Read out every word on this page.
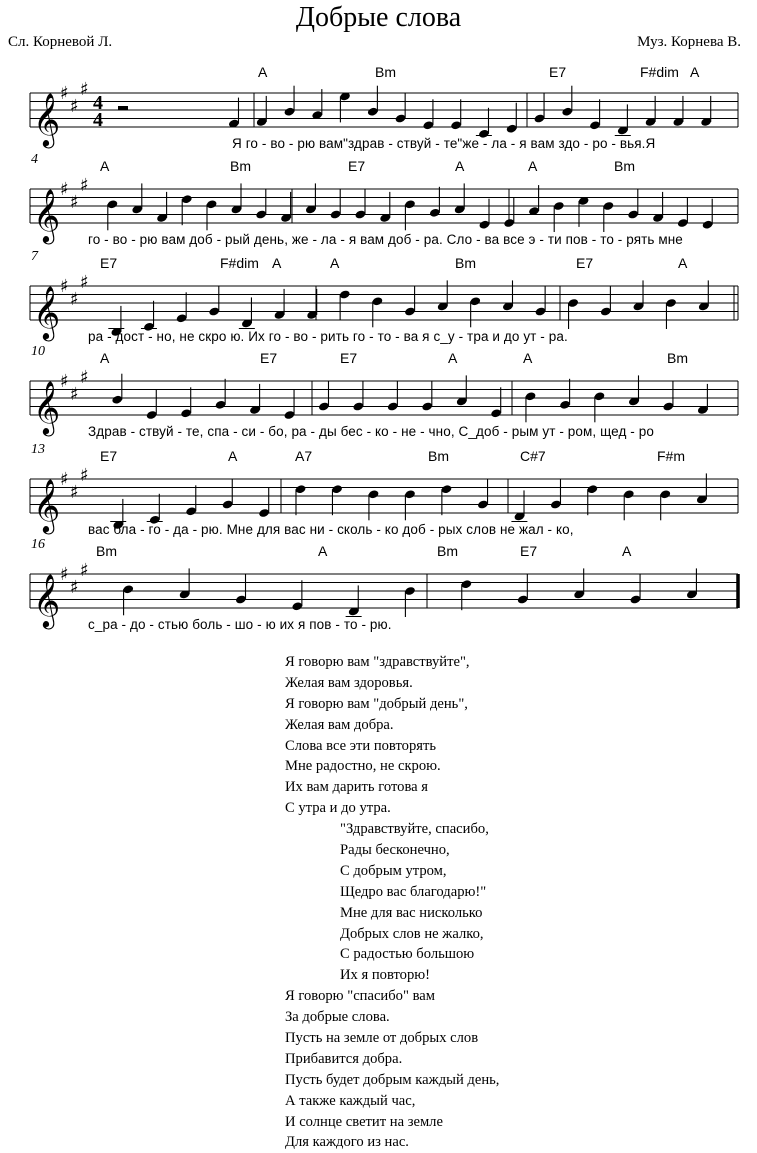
Добрые слова
Сл. Корневой Л.	Муз. Корнева В.
A	Bm	E7	F#dim A
𝄞 ♯
♯
♯
4
4
Я го - во - рю вам"здрав - ствуй - те"же - ла - я вам здо - ро - вья.Я
4	A	Bm	E7	A	A	Bm
𝄞 ♯
♯
♯
го - во - рю вам доб - рый день, же - ла - я вам доб - ра. Сло - ва все э - ти пов - то - рять мне
7	E7	F#dim A	A	Bm	E7	A
𝄞 ♯
♯
♯
ра - дост - но, не скро ю. Их го - во - рить го - то - ва я с_у - тра и до ут - ра.
10	A	E7	E7	A	A	Bm
𝄞 ♯
♯
♯
Здрав - ствуй - те, спа - си - бо, ра - ды бес - ко - не - чно, С_доб - рым ут - ром, щед - ро
13	E7	A	A7	Bm	C#7	F#m
𝄞 ♯
♯
♯
вас бла - го - да - рю. Мне для вас ни - сколь - ко доб - рых слов не жал - ко,
16	Bm	A	Bm	E7	A
𝄞 ♯
♯
♯
с_ра - до - стью боль - шо - ю их я пов - то - рю.
Я говорю вам "здравствуйте",
Желая вам здоровья.
Я говорю вам "добрый день",
Желая вам добра.
Слова все эти повторять
Мне радостно, не скрою.
Их вам дарить готова я
С утра и до утра.
"Здравствуйте, спасибо,
Рады бесконечно,
С добрым утром,
Щедро вас благодарю!"
Мне для вас нисколько
Добрых слов не жалко,
С радостью большою
Их я повторю!
Я говорю "спасибо" вам
За добрые слова.
Пусть на земле от добрых слов
Прибавится добра.
Пусть будет добрым каждый день,
А также каждый час,
И солнце светит на земле
Для каждого из нас.
